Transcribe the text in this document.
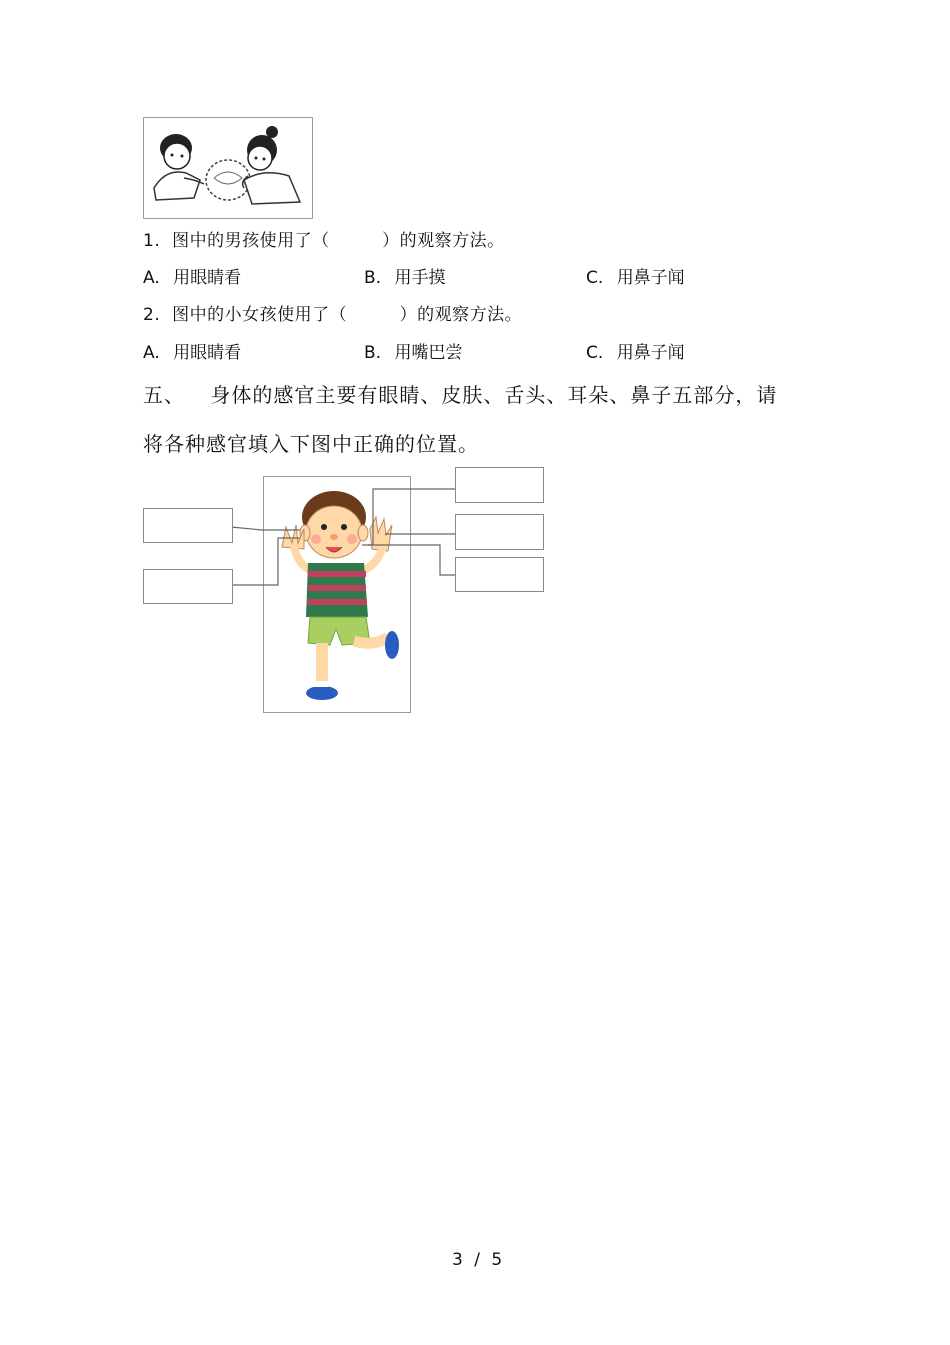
1. 图中的男孩使用了（　　　）的观察方法。
A. 用眼睛看	B. 用手摸	C. 用鼻子闻
2. 图中的小女孩使用了（　　　）的观察方法。
A. 用眼睛看	B. 用嘴巴尝	C. 用鼻子闻
五、 身体的感官主要有眼睛、皮肤、舌头、耳朵、鼻子五部分，请
将各种感官填入下图中正确的位置。
3 / 5
